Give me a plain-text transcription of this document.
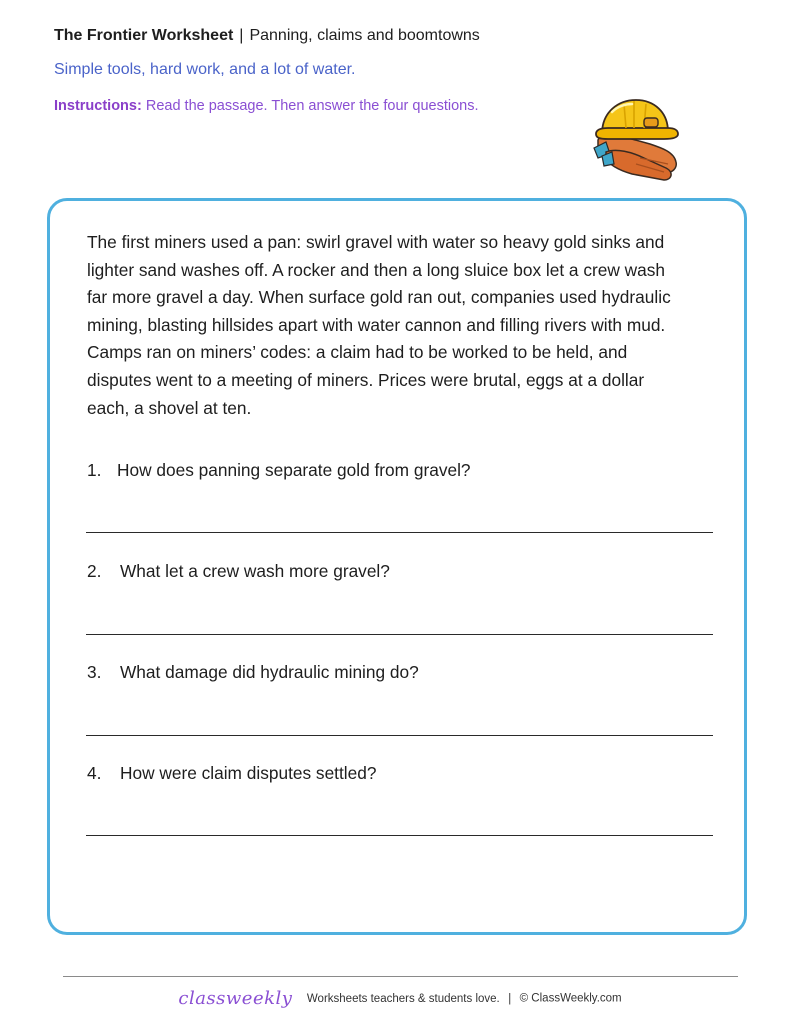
The Frontier Worksheet | Panning, claims and boomtowns
Simple tools, hard work, and a lot of water.
Instructions: Read the passage. Then answer the four questions.
The first miners used a pan: swirl gravel with water so heavy gold sinks and
lighter sand washes off. A rocker and then a long sluice box let a crew wash
far more gravel a day. When surface gold ran out, companies used hydraulic
mining, blasting hillsides apart with water cannon and filling rivers with mud.
Camps ran on miners’ codes: a claim had to be worked to be held, and
disputes went to a meeting of miners. Prices were brutal, eggs at a dollar
each, a shovel at ten.
1. How does panning separate gold from gravel?
2. What let a crew wash more gravel?
3. What damage did hydraulic mining do?
4. How were claim disputes settled?
classweekly Worksheets teachers & students love. | © ClassWeekly.com
